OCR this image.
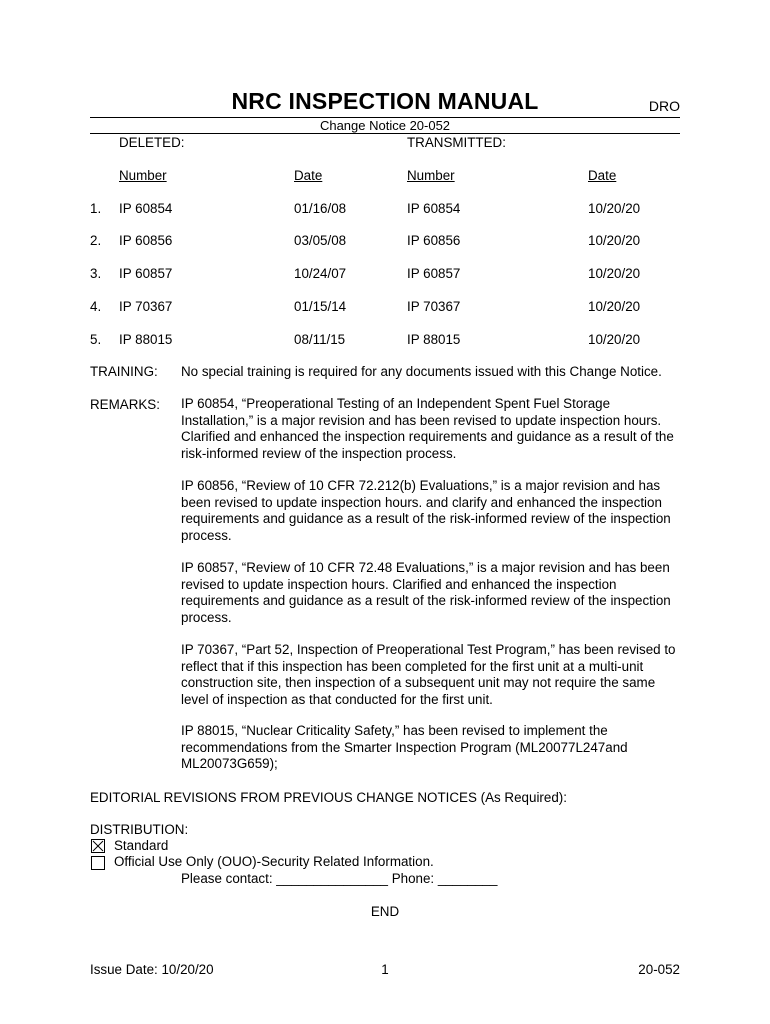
NRC INSPECTION MANUAL	DRO
Change Notice 20-052
DELETED:	TRANSMITTED:
Number	Date	Number	Date
1. IP 60854	01/16/08	IP 60854	10/20/20
2. IP 60856	03/05/08	IP 60856	10/20/20
3. IP 60857	10/24/07	IP 60857	10/20/20
4. IP 70367	01/15/14	IP 70367	10/20/20
5. IP 88015	08/11/15	IP 88015	10/20/20
TRAINING: No special training is required for any documents issued with this Change Notice.
REMARKS: IP 60854, “Preoperational Testing of an Independent Spent Fuel Storage Installation,” is a major revision and has been revised to update inspection hours. Clarified and enhanced the inspection requirements and guidance as a result of the risk-informed review of the inspection process.

IP 60856, “Review of 10 CFR 72.212(b) Evaluations,” is a major revision and has been revised to update inspection hours. and clarify and enhanced the inspection requirements and guidance as a result of the risk-informed review of the inspection process.

IP 60857, “Review of 10 CFR 72.48 Evaluations,” is a major revision and has been revised to update inspection hours. Clarified and enhanced the inspection requirements and guidance as a result of the risk-informed review of the inspection process.

IP 70367, “Part 52, Inspection of Preoperational Test Program,” has been revised to reflect that if this inspection has been completed for the first unit at a multi-unit construction site, then inspection of a subsequent unit may not require the same level of inspection as that conducted for the first unit.

IP 88015, “Nuclear Criticality Safety,” has been revised to implement the recommendations from the Smarter Inspection Program (ML20077L247and ML20073G659);

EDITORIAL REVISIONS FROM PREVIOUS CHANGE NOTICES (As Required):
DISTRIBUTION:
Standard
Official Use Only (OUO)-Security Related Information.
Please contact: _______________ Phone: ________
END
Issue Date: 10/20/20	1	20-052
